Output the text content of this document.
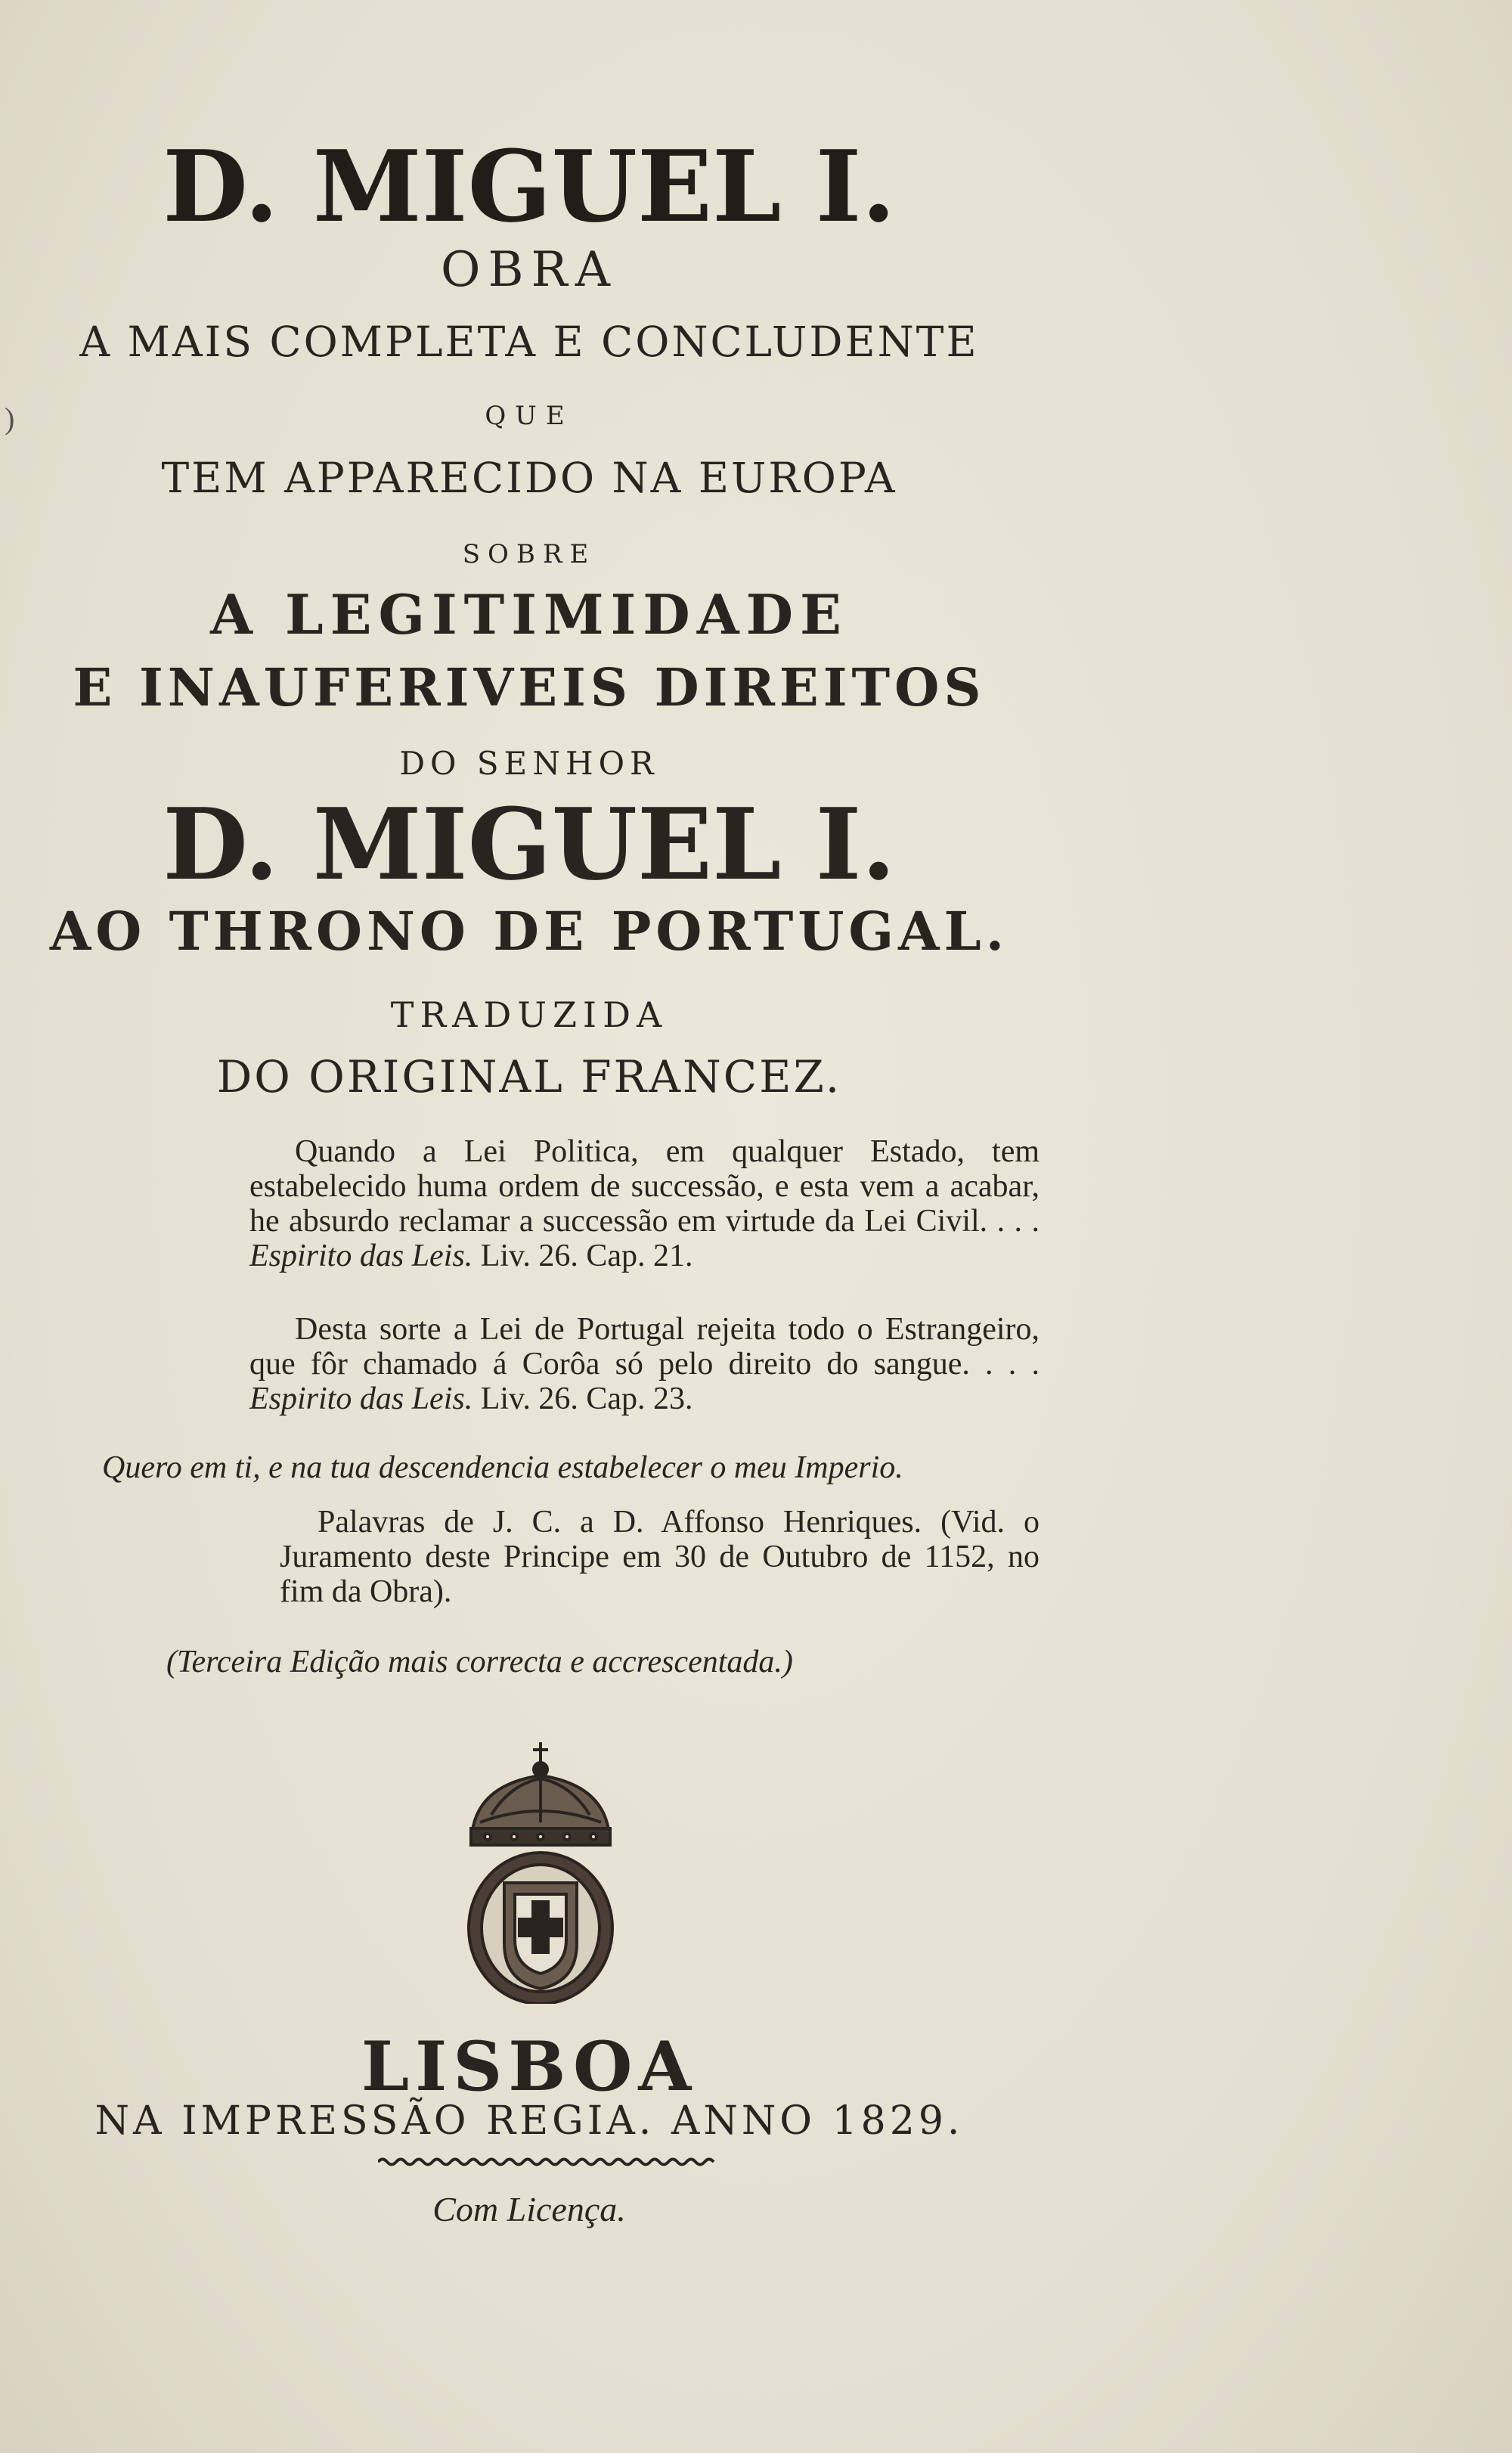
)
D. MIGUEL I.
OBRA
A MAIS COMPLETA E CONCLUDENTE
QUE
TEM APPARECIDO NA EUROPA
SOBRE
A LEGITIMIDADE
E INAUFERIVEIS DIREITOS
DO SENHOR
D. MIGUEL I.
AO THRONO DE PORTUGAL.
TRADUZIDA
DO ORIGINAL FRANCEZ.

Quando a Lei Politica, em qualquer Estado, tem estabelecido huma ordem de successão, e esta vem a acabar, he absurdo reclamar a successão em virtude da Lei Civil. . . . Espirito das Leis. Liv. 26. Cap. 21.

Desta sorte a Lei de Portugal rejeita todo o Estrangeiro, que fôr chamado á Corôa só pelo direito do sangue. . . . Espirito das Leis. Liv. 26. Cap. 23.

Quero em ti, e na tua descendencia estabelecer o meu Imperio.

Palavras de J. C. a D. Affonso Henriques. (Vid. o Juramento deste Principe em 30 de Outubro de 1152, no fim da Obra).

(Terceira Edição mais correcta e accrescentada.)
LISBOA
NA IMPRESSÃO REGIA. ANNO 1829.
Com Licença.
